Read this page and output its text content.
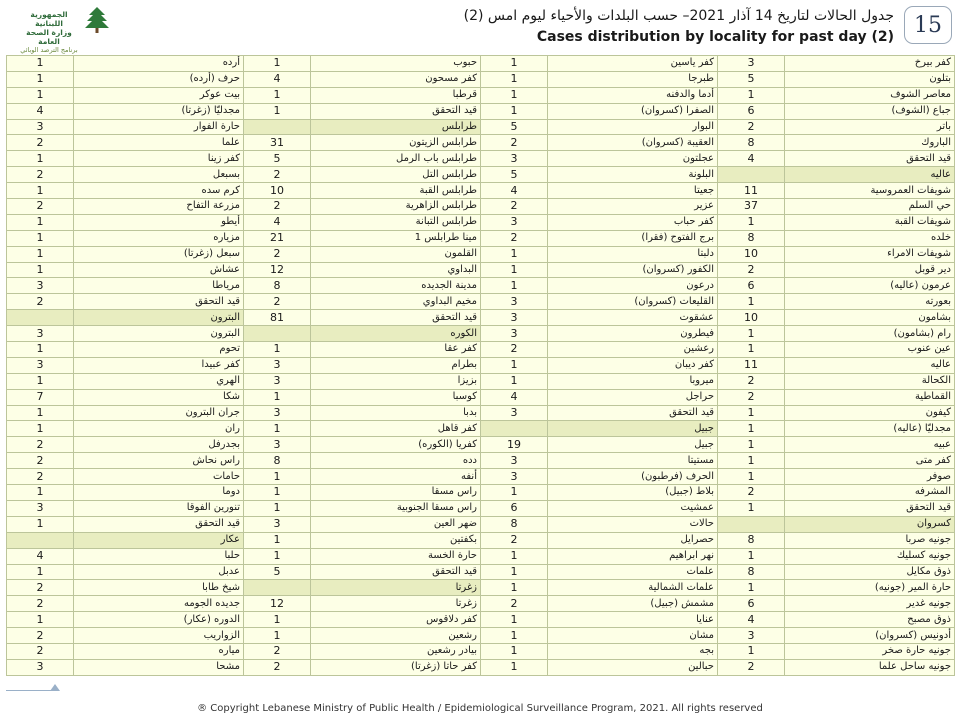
الجمهورية اللبنانية
وزارة الصحة العامة
برنامج الترصد الوبائي
جدول الحالات لتاريخ 14 آذار 2021– حسب البلدات والأحياء ليوم امس (2)
Cases distribution by locality for past day (2) 15
1	أرده	1	حبوب	1	كفر ياسين	3	كفر بيرخ
1	حرف (أرده)	4	كفر مسحون	1	طبرجا	5	بتلون
1	بيت عوكر	1	قرطبا	1	أدما والدفنه	1	معاصر الشوف
4	مجدليّا (زغرتا)	1	قيد التحقق	1	الصفرا (كسروان)	6	جباع (الشوف)
3	حارة الفوار		طرابلس	5	البوار	2	باتر
2	علما	31	طرابلس الزيتون	2	العقيبة (كسروان)	8	الباروك
1	كفر زينا	5	طرابلس باب الرمل	3	عجلتون	4	قيد التحقق
2	بسبعل	2	طرابلس التل	5	البلونة		عاليه
1	كرم سده	10	طرابلس القبة	4	جعيتا	11	شويفات العمروسية
2	مزرعة التفاح	2	طرابلس الزاهرية	2	عزير	37	حي السلم
1	أيطو	4	طرابلس التبانة	3	كفر حباب	1	شويفات القبة
1	مزياره	21	مينا طرابلس 1	2	برج الفتوح (فقرا)	8	خلده
1	سبعل (زغرتا)	2	القلمون	1	دلبتا	10	شويفات الامراء
1	عشاش	12	البداوي	1	الكفور (كسروان)	2	دير قوبل
3	مرياطا	8	مدينة الجديده	1	درعون	6	عرمون (عاليه)
2	قيد التحقق	2	مخيم البداوي	3	القليعات (كسروان)	1	بعورته
	البترون	81	قيد التحقق	3	عشقوت	10	بشامون
3	البترون		الكوره	3	فيطرون	1	رام (بشامون)
1	تحوم	1	كفر عقا	2	رعشين	1	عين عنوب
3	كفر عبيدا	3	بطرام	1	كفر ديبان	11	عاليه
1	الهري	3	بزيزا	1	ميروبا	2	الكحالة
7	شكا	1	كوسبا	4	حراجل	2	القماطية
1	جران البترون	3	بدبا	3	قيد التحقق	1	كيفون
1	ران	1	كفر قاهل		جبيل	1	مجدليّا (عاليه)
2	بجدرفل	3	كفريا (الكوره)	19	جبيل	1	عبيه
2	راس نحاش	8	دده	3	مستيتا	1	كفر متى
2	حامات	1	أنفه	3	الحرف (فرطبون)	1	صوفر
1	دوما	1	راس مسقا	1	بلاط (جبيل)	2	المشرفه
3	تنورين الفوقا	1	راس مسقا الجنوبية	6	عمشيت	1	قيد التحقق
1	قيد التحقق	3	ضهر العين	8	حالات		كسروان
	عكار	1	بكفتين	2	حصرايل	8	جونيه صربا
4	حلبا	1	حارة الخسة	1	نهر ابراهيم	1	جونيه كسليك
1	عدبل	5	قيد التحقق	1	علمات	8	ذوق مكايل
2	شيخ طابا		زغرتا	1	علمات الشمالية	1	حارة المير (جونيه)
2	جديده الجومه	12	زغرتا	2	مشمش (جبيل)	6	جونيه غدير
1	الدوره (عكار)	1	كفر دلاقوس	1	عنايا	4	ذوق مصبح
2	الزواريب	1	رشعين	1	مشان	3	أدونيس (كسروان)
2	مياره	2	بيادر رشعين	1	بجه	1	جونيه حارة صخر
3	مشحا	2	كفر حاتا (زغرتا)	1	حبالين	2	جونيه ساحل علما
® Copyright Lebanese Ministry of Public Health / Epidemiological Surveillance Program, 2021. All rights reserved
